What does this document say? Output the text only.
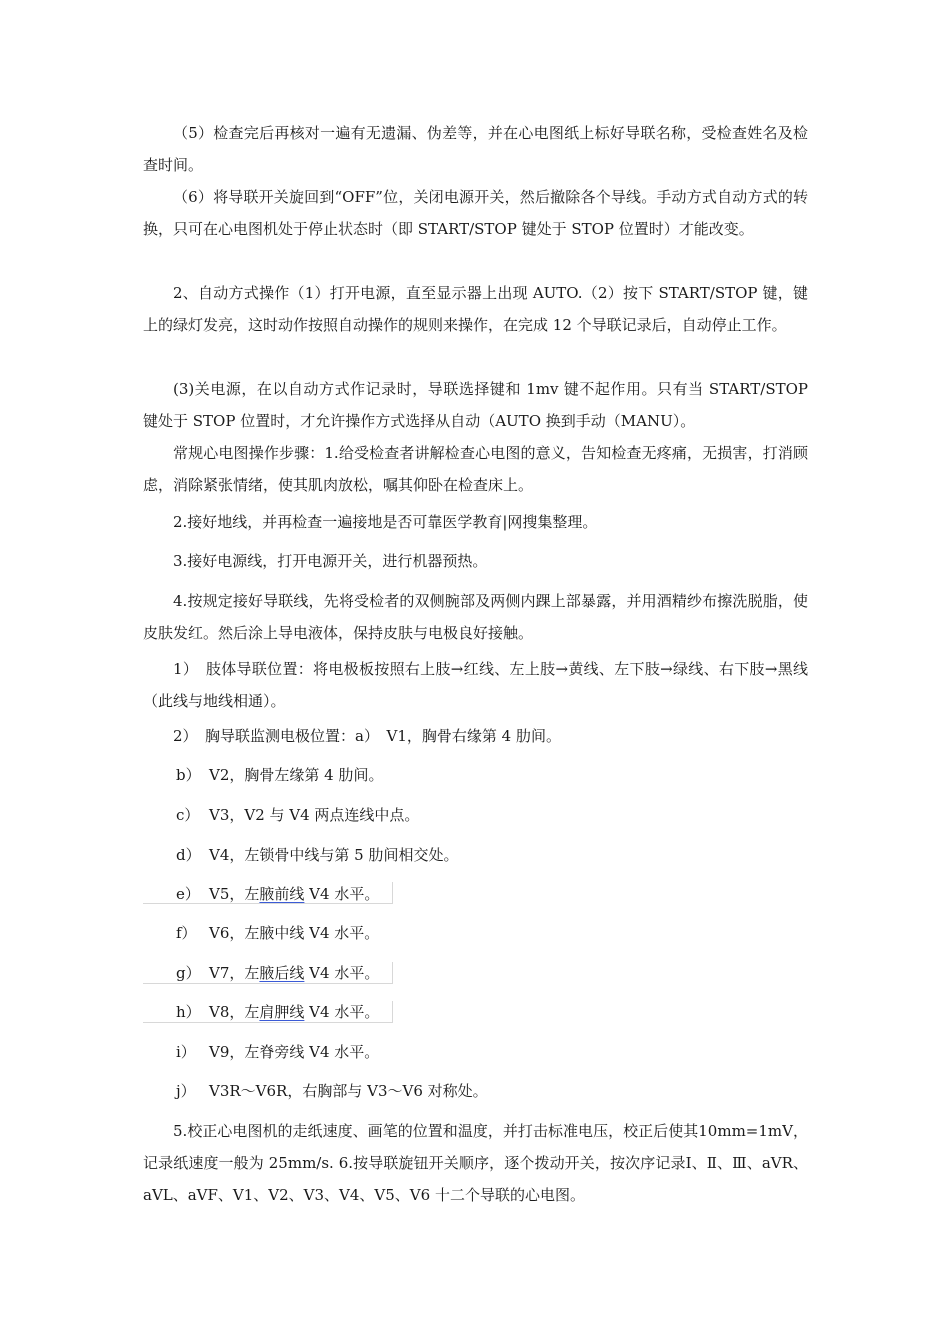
（5）检查完后再核对一遍有无遗漏、伪差等，并在心电图纸上标好导联名称，受检查姓名及检查时间。

（6）将导联开关旋回到“OFF”位，关闭电源开关，然后撤除各个导线。手动方式自动方式的转换，只可在心电图机处于停止状态时（即 START/STOP 键处于 STOP 位置时）才能改变。

2、自动方式操作（1）打开电源，直至显示器上出现 AUTO.（2）按下 START/STOP 键，键上的绿灯发亮，这时动作按照自动操作的规则来操作，在完成 12 个导联记录后，自动停止工作。

(3)关电源，在以自动方式作记录时，导联选择键和 1mv 键不起作用。只有当 START/STOP 键处于 STOP 位置时，才允许操作方式选择从自动（AUTO 换到手动（MANU）。

常规心电图操作步骤：1.给受检查者讲解检查心电图的意义，告知检查无疼痛，无损害，打消顾虑，消除紧张情绪，使其肌肉放松，嘱其仰卧在检查床上。

2.接好地线，并再检查一遍接地是否可靠医学教育|网搜集整理。

3.接好电源线，打开电源开关，进行机器预热。

4.按规定接好导联线，先将受检者的双侧腕部及两侧内踝上部暴露，并用酒精纱布擦洗脱脂，使皮肤发红。然后涂上导电液体，保持皮肤与电极良好接触。

1）　肢体导联位置：将电极板按照右上肢→红线、左上肢→黄线、左下肢→绿线、右下肢→黑线（此线与地线相通）。

2）　胸导联监测电极位置：a）　V1，胸骨右缘第 4 肋间。

b） V2，胸骨左缘第 4 肋间。

c） V3，V2 与 V4 两点连线中点。

d） V4，左锁骨中线与第 5 肋间相交处。

e） V5，左腋前线 V4 水平。

f） V6，左腋中线 V4 水平。

g） V7，左腋后线 V4 水平。

h） V8，左肩胛线 V4 水平。

i） V9，左脊旁线 V4 水平。

j） V3R～V6R，右胸部与 V3～V6 对称处。

5.校正心电图机的走纸速度、画笔的位置和温度，并打击标准电压，校正后使其10mm=1mV，记录纸速度一般为 25mm/s. 6.按导联旋钮开关顺序，逐个拨动开关，按次序记录Ⅰ、Ⅱ、Ⅲ、aVR、aVL、aVF、V1、V2、V3、V4、V5、V6 十二个导联的心电图。
